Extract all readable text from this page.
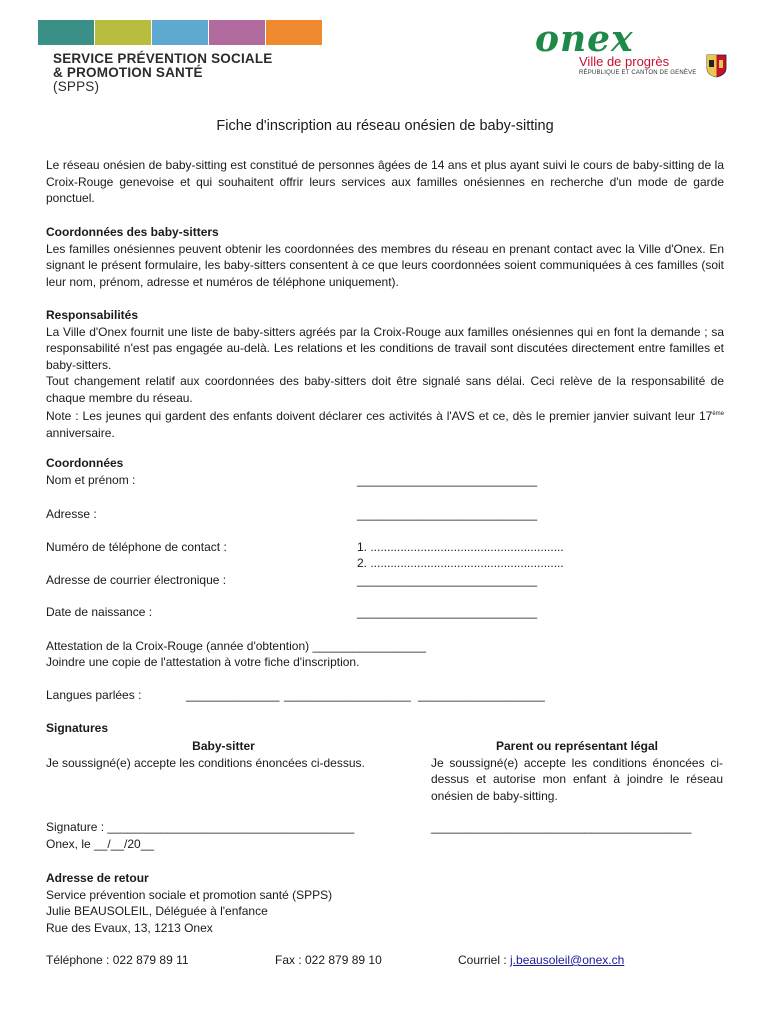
SERVICE PRÉVENTION SOCIALE
& PROMOTION SANTÉ
(SPPS)
onex
Ville de progrès
RÉPUBLIQUE ET CANTON DE GENÈVE
Fiche d'inscription au réseau onésien de baby-sitting

Le réseau onésien de baby-sitting est constitué de personnes âgées de 14 ans et plus ayant suivi le cours de baby-sitting de la Croix-Rouge genevoise et qui souhaitent offrir leurs services aux familles onésiennes en recherche d'un mode de garde ponctuel.

Coordonnées des baby-sitters

Les familles onésiennes peuvent obtenir les coordonnées des membres du réseau en prenant contact avec la Ville d'Onex. En signant le présent formulaire, les baby-sitters consentent à ce que leurs coordonnées soient communiquées à ces familles (soit leur nom, prénom, adresse et numéros de téléphone uniquement).

Responsabilités

La Ville d'Onex fournit une liste de baby-sitters agréés par la Croix-Rouge aux familles onésiennes qui en font la demande ; sa responsabilité n'est pas engagée au-delà. Les relations et les conditions de travail sont discutées directement entre familles et baby-sitters.

Tout changement relatif aux coordonnées des baby-sitters doit être signalé sans délai. Ceci relève de la responsabilité de chaque membre du réseau.

Note : Les jeunes qui gardent des enfants doivent déclarer ces activités à l'AVS et ce, dès le premier janvier suivant leur 17ème anniversaire.

Coordonnées
Nom et prénom :	___________________________
Adresse :	___________________________
Numéro de téléphone de contact :	1. ..........................................................
2. ..........................................................
Adresse de courrier électronique :	___________________________
Date de naissance :	___________________________
Attestation de la Croix-Rouge (année d'obtention) _________________
Joindre une copie de l'attestation à votre fiche d'inscription.
Langues parlées :	______________ ___________________ ___________________
Signatures
Baby-sitter
Je soussigné(e) accepte les conditions énoncées ci-dessus.
Parent ou représentant légal
Je soussigné(e) accepte les conditions énoncées ci-dessus et autorise mon enfant à joindre le réseau onésien de baby-sitting.
Signature : _____________________________________
Onex, le __/__/20__
_______________________________________

Adresse de retour

Service prévention sociale et promotion santé (SPPS)

Julie BEAUSOLEIL, Déléguée à l'enfance

Rue des Evaux, 13, 1213 Onex

Téléphone : 022 879 89 11	Fax : 022 879 89 10	Courriel : j.beausoleil@onex.ch
